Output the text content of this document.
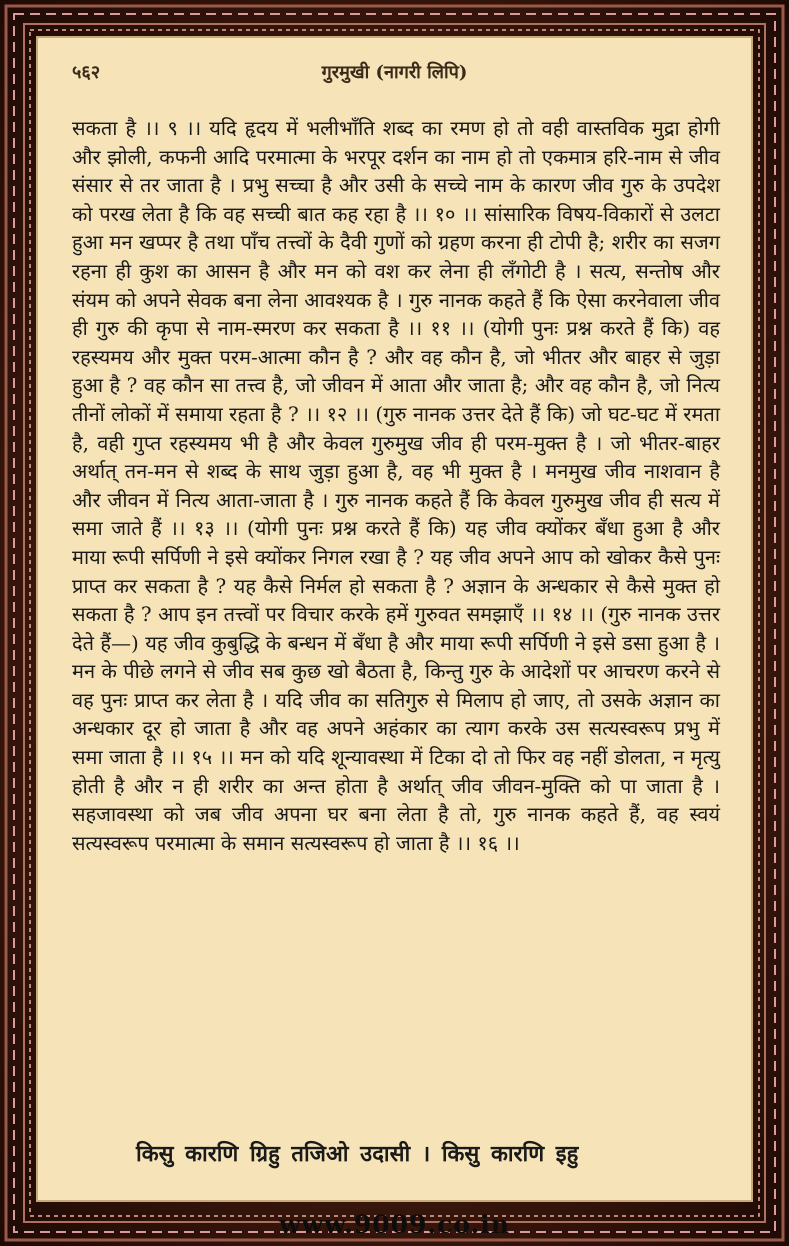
५६२	गुरमुखी (नागरी लिपि)

सकता है ।। ९ ।। यदि हृदय में भलीभाँति शब्द का रमण हो तो वही वास्तविक मुद्रा होगी और झोली, कफनी आदि परमात्मा के भरपूर दर्शन का नाम हो तो एकमात्र हरि-नाम से जीव संसार से तर जाता है । प्रभु सच्चा है और उसी के सच्चे नाम के कारण जीव गुरु के उपदेश को परख लेता है कि वह सच्ची बात कह रहा है ।। १० ।। सांसारिक विषय-विकारों से उलटा हुआ मन खप्पर है तथा पाँच तत्त्वों के दैवी गुणों को ग्रहण करना ही टोपी है; शरीर का सजग रहना ही कुश का आसन है और मन को वश कर लेना ही लँगोटी है । सत्य, सन्तोष और संयम को अपने सेवक बना लेना आवश्यक है । गुरु नानक कहते हैं कि ऐसा करनेवाला जीव ही गुरु की कृपा से नाम-स्मरण कर सकता है ।। ११ ।। (योगी पुनः प्रश्न करते हैं कि) वह रहस्यमय और मुक्त परम-आत्मा कौन है ? और वह कौन है, जो भीतर और बाहर से जुड़ा हुआ है ? वह कौन सा तत्त्व है, जो जीवन में आता और जाता है; और वह कौन है, जो नित्य तीनों लोकों में समाया रहता है ? ।। १२ ।। (गुरु नानक उत्तर देते हैं कि) जो घट-घट में रमता है, वही गुप्त रहस्यमय भी है और केवल गुरुमुख जीव ही परम-मुक्त है । जो भीतर-बाहर अर्थात् तन-मन से शब्द के साथ जुड़ा हुआ है, वह भी मुक्त है । मनमुख जीव नाशवान है और जीवन में नित्य आता-जाता है । गुरु नानक कहते हैं कि केवल गुरुमुख जीव ही सत्य में समा जाते हैं ।। १३ ।। (योगी पुनः प्रश्न करते हैं कि) यह जीव क्योंकर बँधा हुआ है और माया रूपी सर्पिणी ने इसे क्योंकर निगल रखा है ? यह जीव अपने आप को खोकर कैसे पुनः प्राप्त कर सकता है ? यह कैसे निर्मल हो सकता है ? अज्ञान के अन्धकार से कैसे मुक्त हो सकता है ? आप इन तत्त्वों पर विचार करके हमें गुरुवत समझाएँ ।। १४ ।। (गुरु नानक उत्तर देते हैं—) यह जीव कुबुद्धि के बन्धन में बँधा है और माया रूपी सर्पिणी ने इसे डसा हुआ है । मन के पीछे लगने से जीव सब कुछ खो बैठता है, किन्तु गुरु के आदेशों पर आचरण करने से वह पुनः प्राप्त कर लेता है । यदि जीव का सतिगुरु से मिलाप हो जाए, तो उसके अज्ञान का अन्धकार दूर हो जाता है और वह अपने अहंकार का त्याग करके उस सत्यस्वरूप प्रभु में समा जाता है ।। १५ ।। मन को यदि शून्यावस्था में टिका दो तो फिर वह नहीं डोलता, न मृत्यु होती है और न ही शरीर का अन्त होता है अर्थात् जीव जीवन-मुक्ति को पा जाता है । सहजावस्था को जब जीव अपना घर बना लेता है तो, गुरु नानक कहते हैं, वह स्वयं सत्यस्वरूप परमात्मा के समान सत्यस्वरूप हो जाता है ।। १६ ।।

किसु कारणि ग्रिहु तजिओ उदासी । किसु कारणि इहु
www.9009.co.in
